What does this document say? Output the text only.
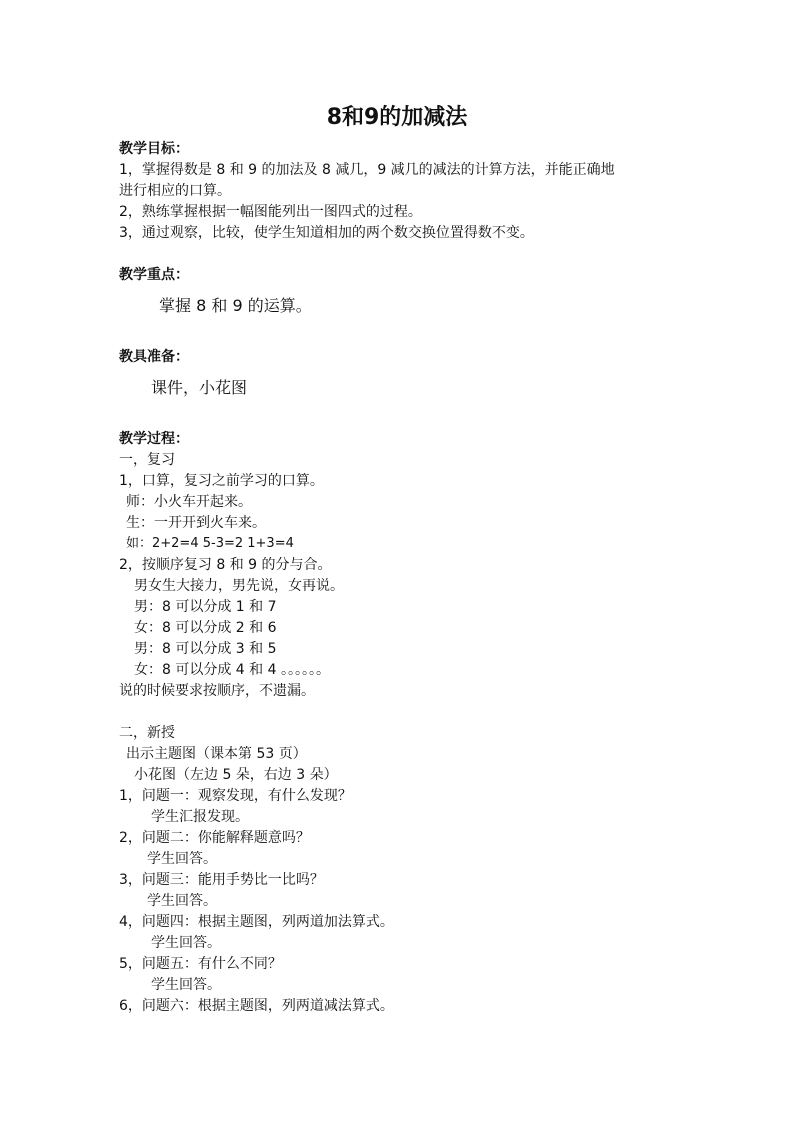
8和9的加减法
教学目标：
1，掌握得数是 8 和 9 的加法及 8 减几，9 减几的减法的计算方法，并能正确地
进行相应的口算。
2，熟练掌握根据一幅图能列出一图四式的过程。
3，通过观察，比较，使学生知道相加的两个数交换位置得数不变。
教学重点：
掌握 8 和 9 的运算。
教具准备：
课件，小花图
教学过程：
一，复习
1，口算，复习之前学习的口算。
师：小火车开起来。
生：一开开到火车来。
如：2+2=4 5-3=2 1+3=4
2，按顺序复习 8 和 9 的分与合。
男女生大接力，男先说，女再说。
男：8 可以分成 1 和 7
女：8 可以分成 2 和 6
男：8 可以分成 3 和 5
女：8 可以分成 4 和 4 。。。。。。
说的时候要求按顺序，不遗漏。
二，新授
出示主题图（课本第 53 页）
小花图（左边 5 朵，右边 3 朵）
1，问题一：观察发现，有什么发现？
学生汇报发现。
2，问题二：你能解释题意吗？
学生回答。
3，问题三：能用手势比一比吗？
学生回答。
4，问题四：根据主题图，列两道加法算式。
学生回答。
5，问题五：有什么不同？
学生回答。
6，问题六：根据主题图，列两道减法算式。
